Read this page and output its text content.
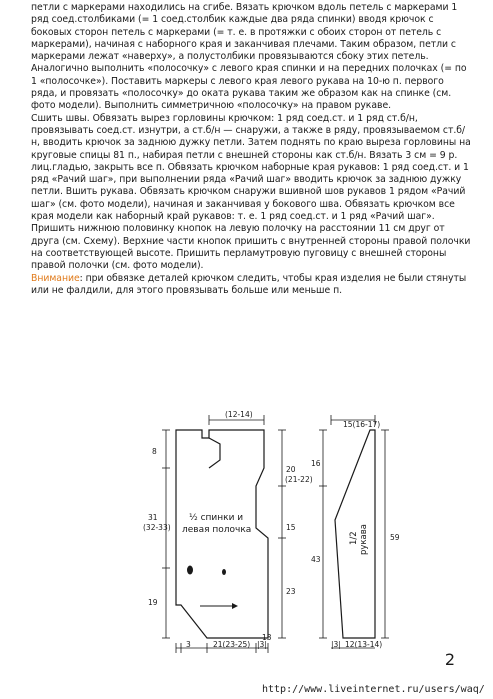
петли с маркерами находились на сгибе. Вязать крючком вдоль петель с маркерами 1 ряд соед.столбиками (= 1 соед.столбик каждые два ряда спинки) вводя крючок с боковых сторон петель с маркерами (= т. е. в протяжки с обоих сторон от петель с маркерами), начиная с наборного края и заканчивая плечами. Таким образом, петли с маркерами лежат «наверху», а полустолбики провязываются сбоку этих петель. Аналогично выполнить «полосочку» с левого края спинки и на передних полочках (= по 1 «полосочке»). Поставить маркеры с левого края левого рукава на 10-ю п. первого ряда, и провязать «полосочку» до оката рукава таким же образом как на спинке (см. фото модели). Выполнить симметричною «полосочку» на правом рукаве.

Сшить швы. Обвязать вырез горловины крючком: 1 ряд соед.ст. и 1 ряд ст.б/н, провязывать соед.ст. изнутри, а ст.б/н — снаружи, а также в ряду, провязываемом ст.б/н, вводить крючок за заднюю дужку петли. Затем поднять по краю выреза горловины на круговые спицы 81 п., набирая петли с внешней стороны как ст.б/н. Вязать 3 см = 9 р. лиц.гладью, закрыть все п. Обвязать крючком наборные края рукавов: 1 ряд соед.ст. и 1 ряд «Рачий шаг», при выполнении ряда «Рачий шаг» вводить крючок за заднюю дужку петли. Вшить рукава. Обвязать крючком снаружи вшивной шов рукавов 1 рядом «Рачий шаг» (см. фото модели), начиная и заканчивая у бокового шва. Обвязать крючком все края модели как наборный край рукавов: т. е. 1 ряд соед.ст. и 1 ряд «Рачий шаг». Пришить нижнюю половинку кнопок на левую полочку на расстоянии 11 см друг от друга (см. Схему). Верхние части кнопок пришить с внутренней стороны правой полочки на соответствующей высоте. Пришить перламутровую пуговицу с внешней стороны правой полочки (см. фото модели).

Внимание: при обвязке деталей крючком следить, чтобы края изделия не были стянуты или не фалдили, для этого провязывать больше или меньше п.

½ спинки и
левая полочка
(12-14)
8
31
(32-33)
19
20
(21-22)
15
23
3	21(23-25)
13
|3|
15(16-17)
16
43
59
|3| 12(13-14)
1/2 рукава
2
http://www.liveinternet.ru/users/waq/
